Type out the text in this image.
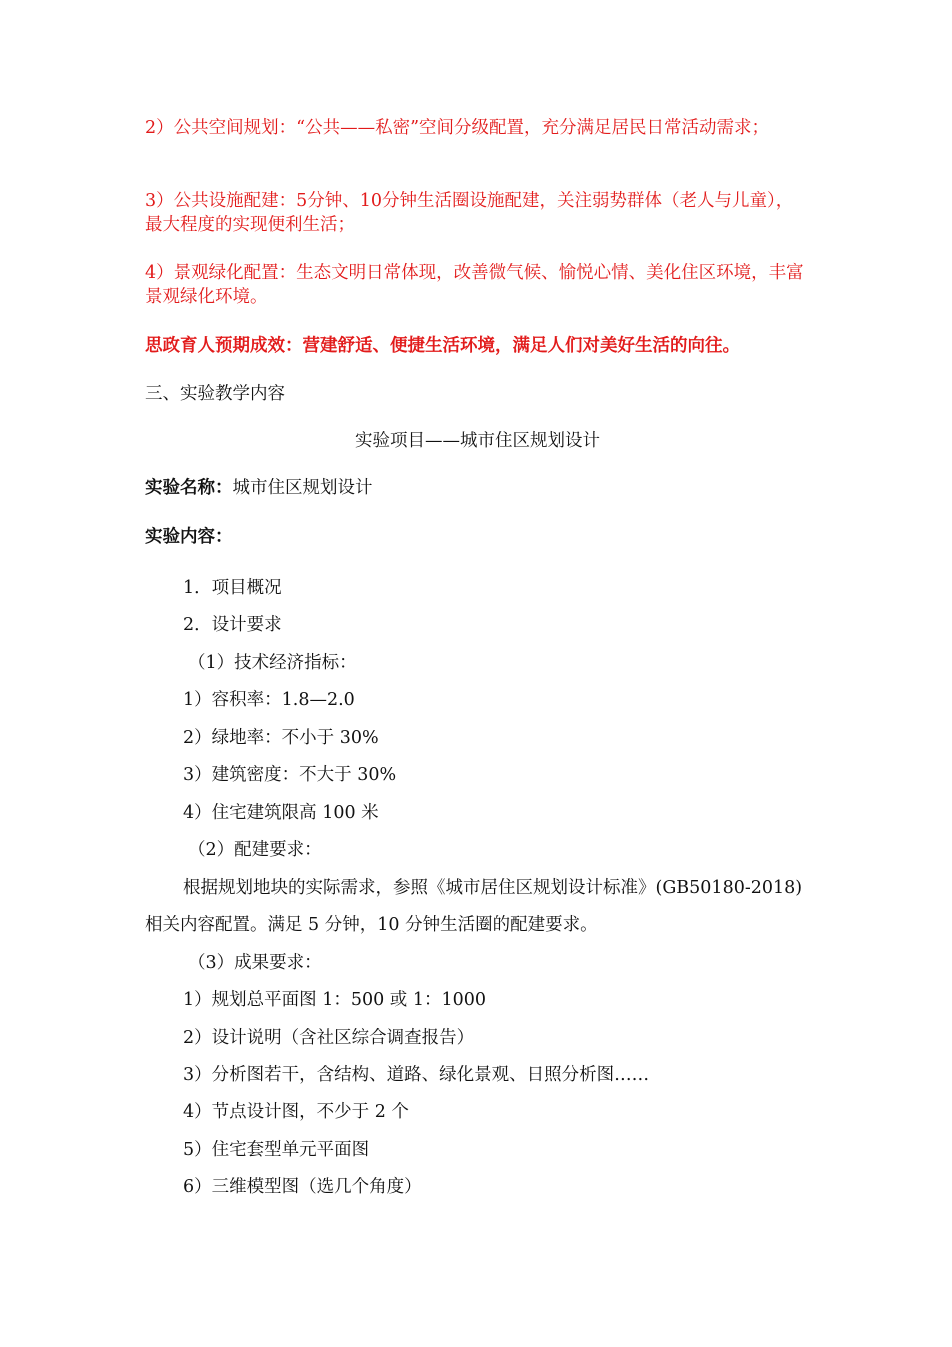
2）公共空间规划：“公共——私密”空间分级配置，充分满足居民日常活动需求；
3）公共设施配建：5分钟、10分钟生活圈设施配建，关注弱势群体（老人与儿童），最大程度的实现便利生活；
4）景观绿化配置：生态文明日常体现，改善微气候、愉悦心情、美化住区环境，丰富景观绿化环境。
思政育人预期成效：营建舒适、便捷生活环境，满足人们对美好生活的向往。
三、实验教学内容
实验项目——城市住区规划设计
实验名称：城市住区规划设计
实验内容：
1．项目概况
2．设计要求
（1）技术经济指标：
1）容积率：1.8—2.0
2）绿地率：不小于 30%
3）建筑密度：不大于 30%
4）住宅建筑限高 100 米
（2）配建要求：
根据规划地块的实际需求，参照《城市居住区规划设计标准》(GB50180-2018)
相关内容配置。满足 5 分钟，10 分钟生活圈的配建要求。
（3）成果要求：
1）规划总平面图 1：500 或 1：1000
2）设计说明（含社区综合调查报告）
3）分析图若干，含结构、道路、绿化景观、日照分析图……
4）节点设计图，不少于 2 个
5）住宅套型单元平面图
6）三维模型图（选几个角度）
